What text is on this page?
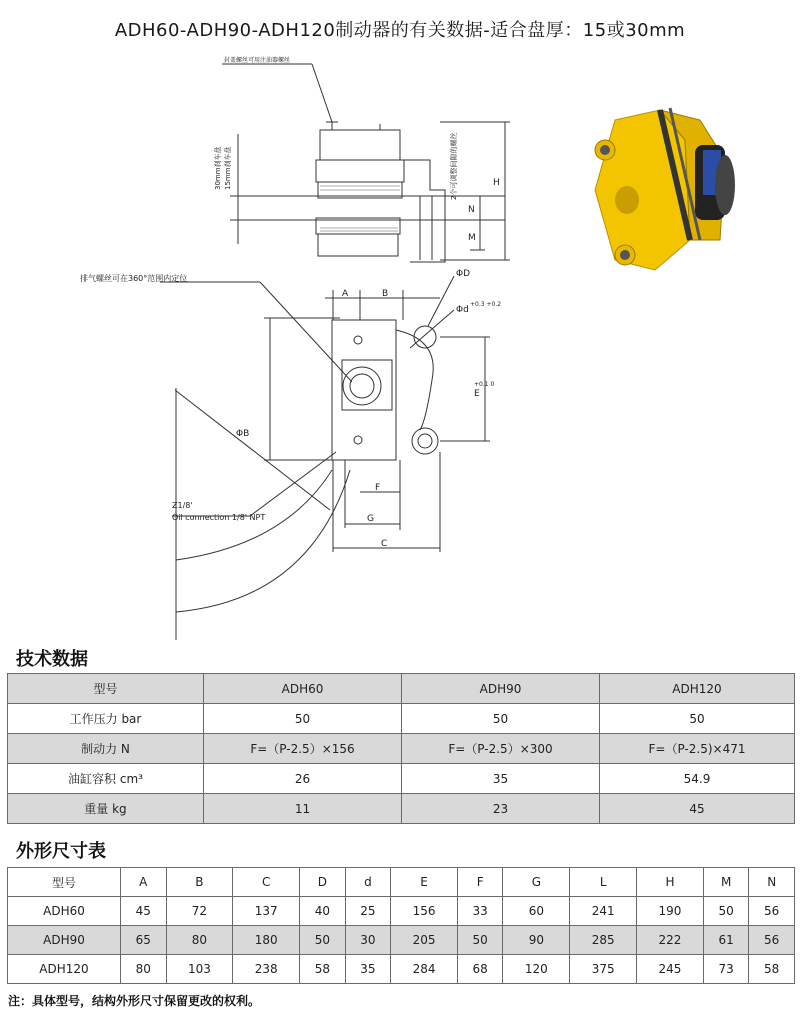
ADH60-ADH90-ADH120制动器的有关数据-适合盘厚：15或30mm
封盖螺丝可用注油器螺丝
排气螺丝可在360°范围内定位
Z1/8'
Oil connection 1/8' NPT
H
N
M
A	B
C
F
G
ΦB
ΦD
Φd
+0.3 +0.2
E
+0.1 0
30mm刹车盘 15mm刹车盘	2个可调整间隙的螺丝
技术数据
型号	ADH60	ADH90	ADH120
工作压力 bar	50	50	50
制动力 N	F=（P-2.5）×156	F=（P-2.5）×300	F=（P-2.5)×471
油缸容积 cm³	26	35	54.9
重量 kg	11	23	45
外形尺寸表
型号	A	B	C	D	d	E	F	G	L	H	M	N
ADH60	45	72	137	40	25	156	33	60	241	190	50	56
ADH90	65	80	180	50	30	205	50	90	285	222	61	56
ADH120	80	103	238	58	35	284	68	120	375	245	73	58
注：具体型号，结构外形尺寸保留更改的权利。
